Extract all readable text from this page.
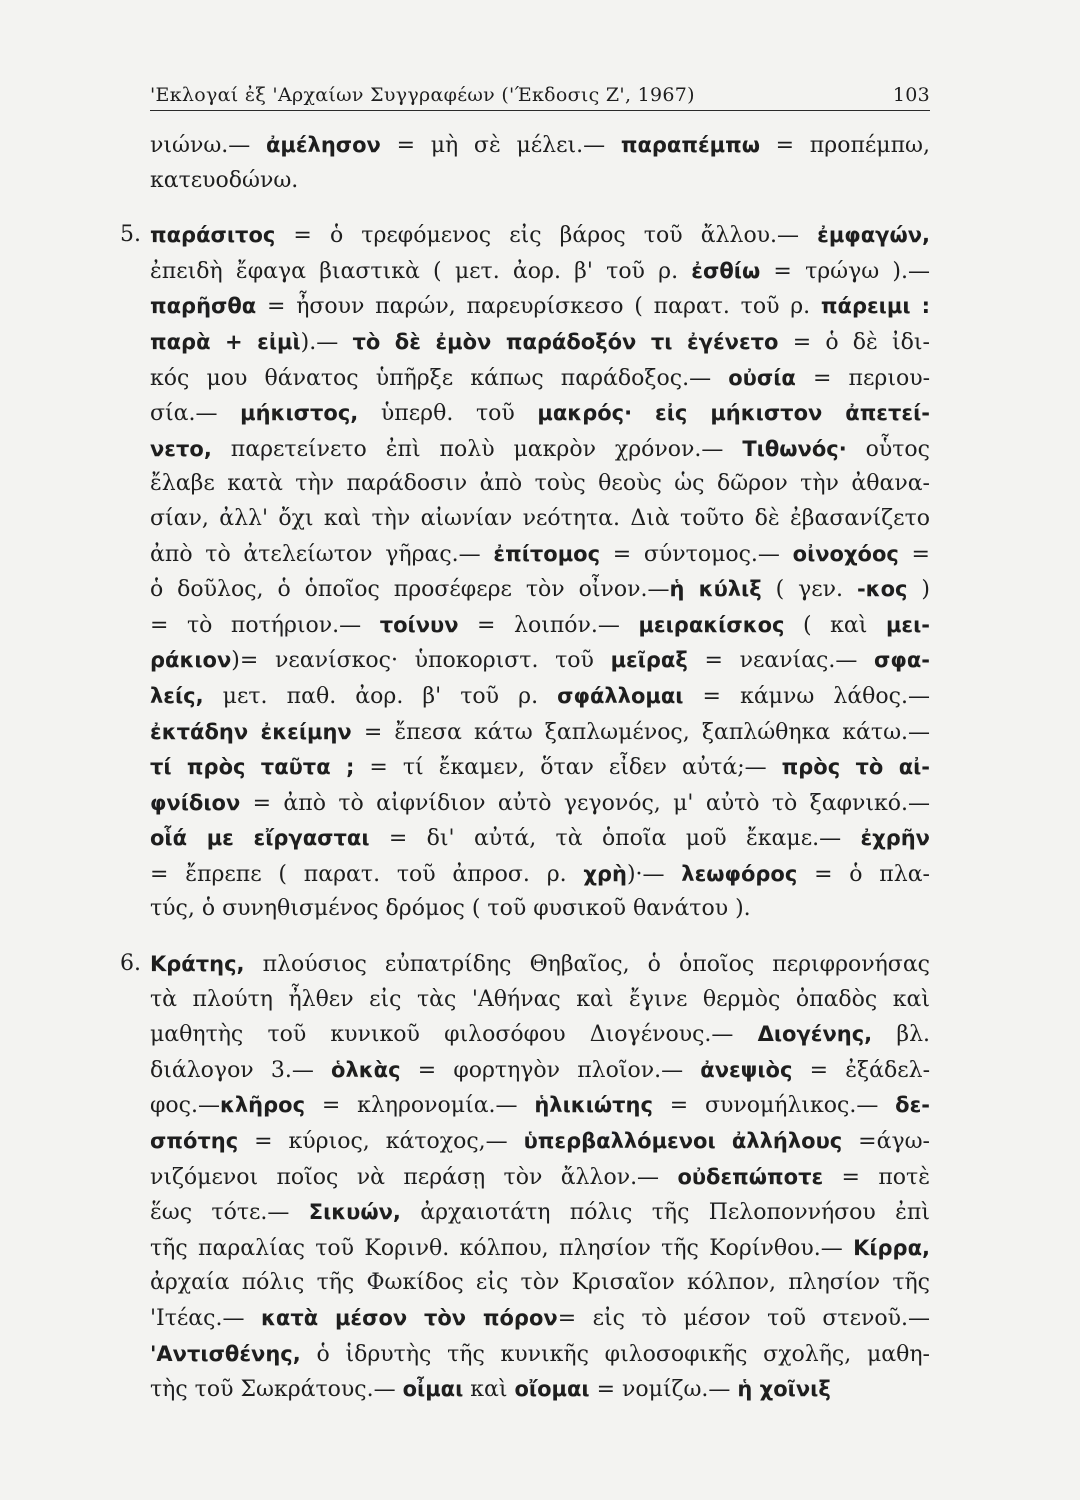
'Εκλογαί ἐξ 'Αρχαίων Συγγραφέων ('Έκδοσις Ζ', 1967)	103
νιώνω.— ἀμέλησον = μὴ σὲ μέλει.— παραπέμπω = προπέμπω,
κατευοδώνω.
5. παράσιτος = ὁ τρεφόμενος εἰς βάρος τοῦ ἄλλου.— ἐμφαγών,
ἐπειδὴ ἔφαγα βιαστικὰ ( μετ. ἀορ. β' τοῦ ρ. ἐσθίω = τρώγω ).—
παρῆσθα = ἦσουν παρών, παρευρίσκεσο ( παρατ. τοῦ ρ. πάρειμι :
παρὰ + εἰμὶ).— τὸ δὲ ἐμὸν παράδοξόν τι ἐγένετο = ὁ δὲ ἰδι-
κός μου θάνατος ὑπῆρξε κάπως παράδοξος.— οὐσία = περιου-
σία.— μήκιστος, ὑπερθ. τοῦ μακρός· εἰς μήκιστον ἀπετεί-
νετο, παρετείνετο ἐπὶ πολὺ μακρὸν χρόνον.— Τιθωνός· οὗτος
ἔλαβε κατὰ τὴν παράδοσιν ἀπὸ τοὺς θεοὺς ὡς δῶρον τὴν ἀθανα-
σίαν, ἀλλ' ὄχι καὶ τὴν αἰωνίαν νεότητα. Διὰ τοῦτο δὲ ἐβασανίζετο
ἀπὸ τὸ ἀτελείωτον γῆρας.— ἐπίτομος = σύντομος.— οἰνοχόος =
ὁ δοῦλος, ὁ ὁποῖος προσέφερε τὸν οἶνον.—ἡ κύλιξ ( γεν. -κος )
= τὸ ποτήριον.— τοίνυν = λοιπόν.— μειρακίσκος ( καὶ μει-
ράκιον)= νεανίσκος· ὑποκοριστ. τοῦ μεῖραξ = νεανίας.— σφα-
λείς, μετ. παθ. ἀορ. β' τοῦ ρ. σφάλλομαι = κάμνω λάθος.—
ἐκτάδην ἐκείμην = ἔπεσα κάτω ξαπλωμένος, ξαπλώθηκα κάτω.—
τί πρὸς ταῦτα ; = τί ἔκαμεν, ὅταν εἶδεν αὐτά;— πρὸς τὸ αἰ-
φνίδιον = ἀπὸ τὸ αἰφνίδιον αὐτὸ γεγονός, μ' αὐτὸ τὸ ξαφνικό.—
οἷά με εἴργασται = δι' αὐτά, τὰ ὁποῖα μοῦ ἔκαμε.— ἐχρῆν
= ἔπρεπε ( παρατ. τοῦ ἀπροσ. ρ. χρὴ)·— λεωφόρος = ὁ πλα-
τύς, ὁ συνηθισμένος δρόμος ( τοῦ φυσικοῦ θανάτου ).
6. Κράτης, πλούσιος εὐπατρίδης Θηβαῖος, ὁ ὁποῖος περιφρονήσας
τὰ πλούτη ἦλθεν εἰς τὰς 'Αθήνας καὶ ἔγινε θερμὸς ὀπαδὸς καὶ
μαθητὴς τοῦ κυνικοῦ φιλοσόφου Διογένους.— Διογένης, βλ.
διάλογον 3.— ὁλκὰς = φορτηγὸν πλοῖον.— ἀνεψιὸς = ἐξάδελ-
φος.—κλῆρος = κληρονομία.— ἡλικιώτης = συνομήλικος.— δε-
σπότης = κύριος, κάτοχος,— ὑπερβαλλόμενοι ἀλλήλους =άγω-
νιζόμενοι ποῖος νὰ περάσῃ τὸν ἄλλον.— οὐδεπώποτε = ποτὲ
ἕως τότε.— Σικυών, ἀρχαιοτάτη πόλις τῆς Πελοποννήσου ἐπὶ
τῆς παραλίας τοῦ Κορινθ. κόλπου, πλησίον τῆς Κορίνθου.— Κίρρα,
ἀρχαία πόλις τῆς Φωκίδος εἰς τὸν Κρισαῖον κόλπον, πλησίον τῆς
'Ιτέας.— κατὰ μέσον τὸν πόρον= εἰς τὸ μέσον τοῦ στενοῦ.—
'Αντισθένης, ὁ ἱδρυτὴς τῆς κυνικῆς φιλοσοφικῆς σχολῆς, μαθη-
τὴς τοῦ Σωκράτους.— οἶμαι καὶ οἴομαι = νομίζω.— ἡ χοῖνιξ
